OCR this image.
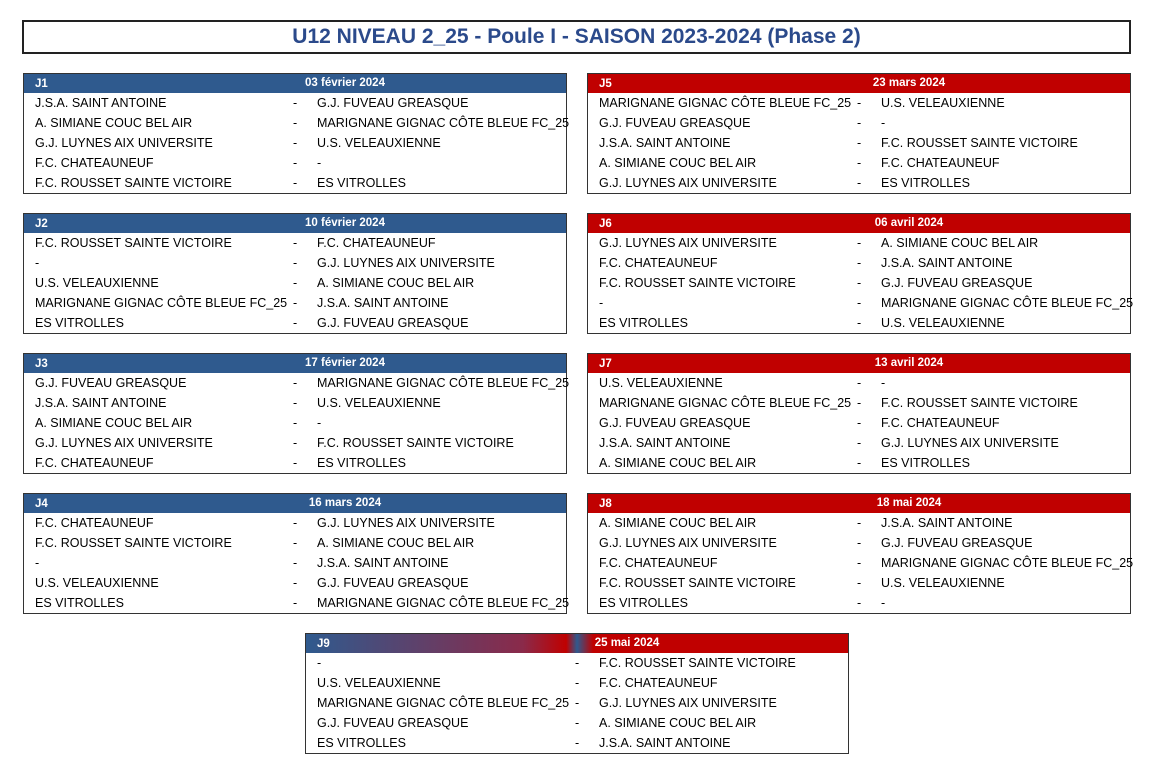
U12 NIVEAU 2_25 - Poule I - SAISON 2023-2024 (Phase 2)
J1	03 février 2024
J.S.A. SAINT ANTOINE	- G.J. FUVEAU GREASQUE
A. SIMIANE COUC BEL AIR	- MARIGNANE GIGNAC CÔTE BLEUE FC_25
G.J. LUYNES AIX UNIVERSITE	- U.S. VELEAUXIENNE
F.C. CHATEAUNEUF	- -
F.C. ROUSSET SAINTE VICTOIRE	- ES VITROLLES
J2	10 février 2024
F.C. ROUSSET SAINTE VICTOIRE	- F.C. CHATEAUNEUF
-	- G.J. LUYNES AIX UNIVERSITE
U.S. VELEAUXIENNE	- A. SIMIANE COUC BEL AIR
MARIGNANE GIGNAC CÔTE BLEUE FC_25 - J.S.A. SAINT ANTOINE
ES VITROLLES	- G.J. FUVEAU GREASQUE
J3	17 février 2024
G.J. FUVEAU GREASQUE	- MARIGNANE GIGNAC CÔTE BLEUE FC_25
J.S.A. SAINT ANTOINE	- U.S. VELEAUXIENNE
A. SIMIANE COUC BEL AIR	- -
G.J. LUYNES AIX UNIVERSITE	- F.C. ROUSSET SAINTE VICTOIRE
F.C. CHATEAUNEUF	- ES VITROLLES
J4	16 mars 2024
F.C. CHATEAUNEUF	- G.J. LUYNES AIX UNIVERSITE
F.C. ROUSSET SAINTE VICTOIRE	- A. SIMIANE COUC BEL AIR
-	- J.S.A. SAINT ANTOINE
U.S. VELEAUXIENNE	- G.J. FUVEAU GREASQUE
ES VITROLLES	- MARIGNANE GIGNAC CÔTE BLEUE FC_25
J5	23 mars 2024
MARIGNANE GIGNAC CÔTE BLEUE FC_25 - U.S. VELEAUXIENNE
G.J. FUVEAU GREASQUE	- -
J.S.A. SAINT ANTOINE	- F.C. ROUSSET SAINTE VICTOIRE
A. SIMIANE COUC BEL AIR	- F.C. CHATEAUNEUF
G.J. LUYNES AIX UNIVERSITE	- ES VITROLLES
J6	06 avril 2024
G.J. LUYNES AIX UNIVERSITE	- A. SIMIANE COUC BEL AIR
F.C. CHATEAUNEUF	- J.S.A. SAINT ANTOINE
F.C. ROUSSET SAINTE VICTOIRE	- G.J. FUVEAU GREASQUE
-	- MARIGNANE GIGNAC CÔTE BLEUE FC_25
ES VITROLLES	- U.S. VELEAUXIENNE
J7	13 avril 2024
U.S. VELEAUXIENNE	- -
MARIGNANE GIGNAC CÔTE BLEUE FC_25 - F.C. ROUSSET SAINTE VICTOIRE
G.J. FUVEAU GREASQUE	- F.C. CHATEAUNEUF
J.S.A. SAINT ANTOINE	- G.J. LUYNES AIX UNIVERSITE
A. SIMIANE COUC BEL AIR	- ES VITROLLES
J8	18 mai 2024
A. SIMIANE COUC BEL AIR	- J.S.A. SAINT ANTOINE
G.J. LUYNES AIX UNIVERSITE	- G.J. FUVEAU GREASQUE
F.C. CHATEAUNEUF	- MARIGNANE GIGNAC CÔTE BLEUE FC_25
F.C. ROUSSET SAINTE VICTOIRE	- U.S. VELEAUXIENNE
ES VITROLLES	- -
J9	25 mai 2024
-	- F.C. ROUSSET SAINTE VICTOIRE
U.S. VELEAUXIENNE	- F.C. CHATEAUNEUF
MARIGNANE GIGNAC CÔTE BLEUE FC_25 - G.J. LUYNES AIX UNIVERSITE
G.J. FUVEAU GREASQUE	- A. SIMIANE COUC BEL AIR
ES VITROLLES	- J.S.A. SAINT ANTOINE
